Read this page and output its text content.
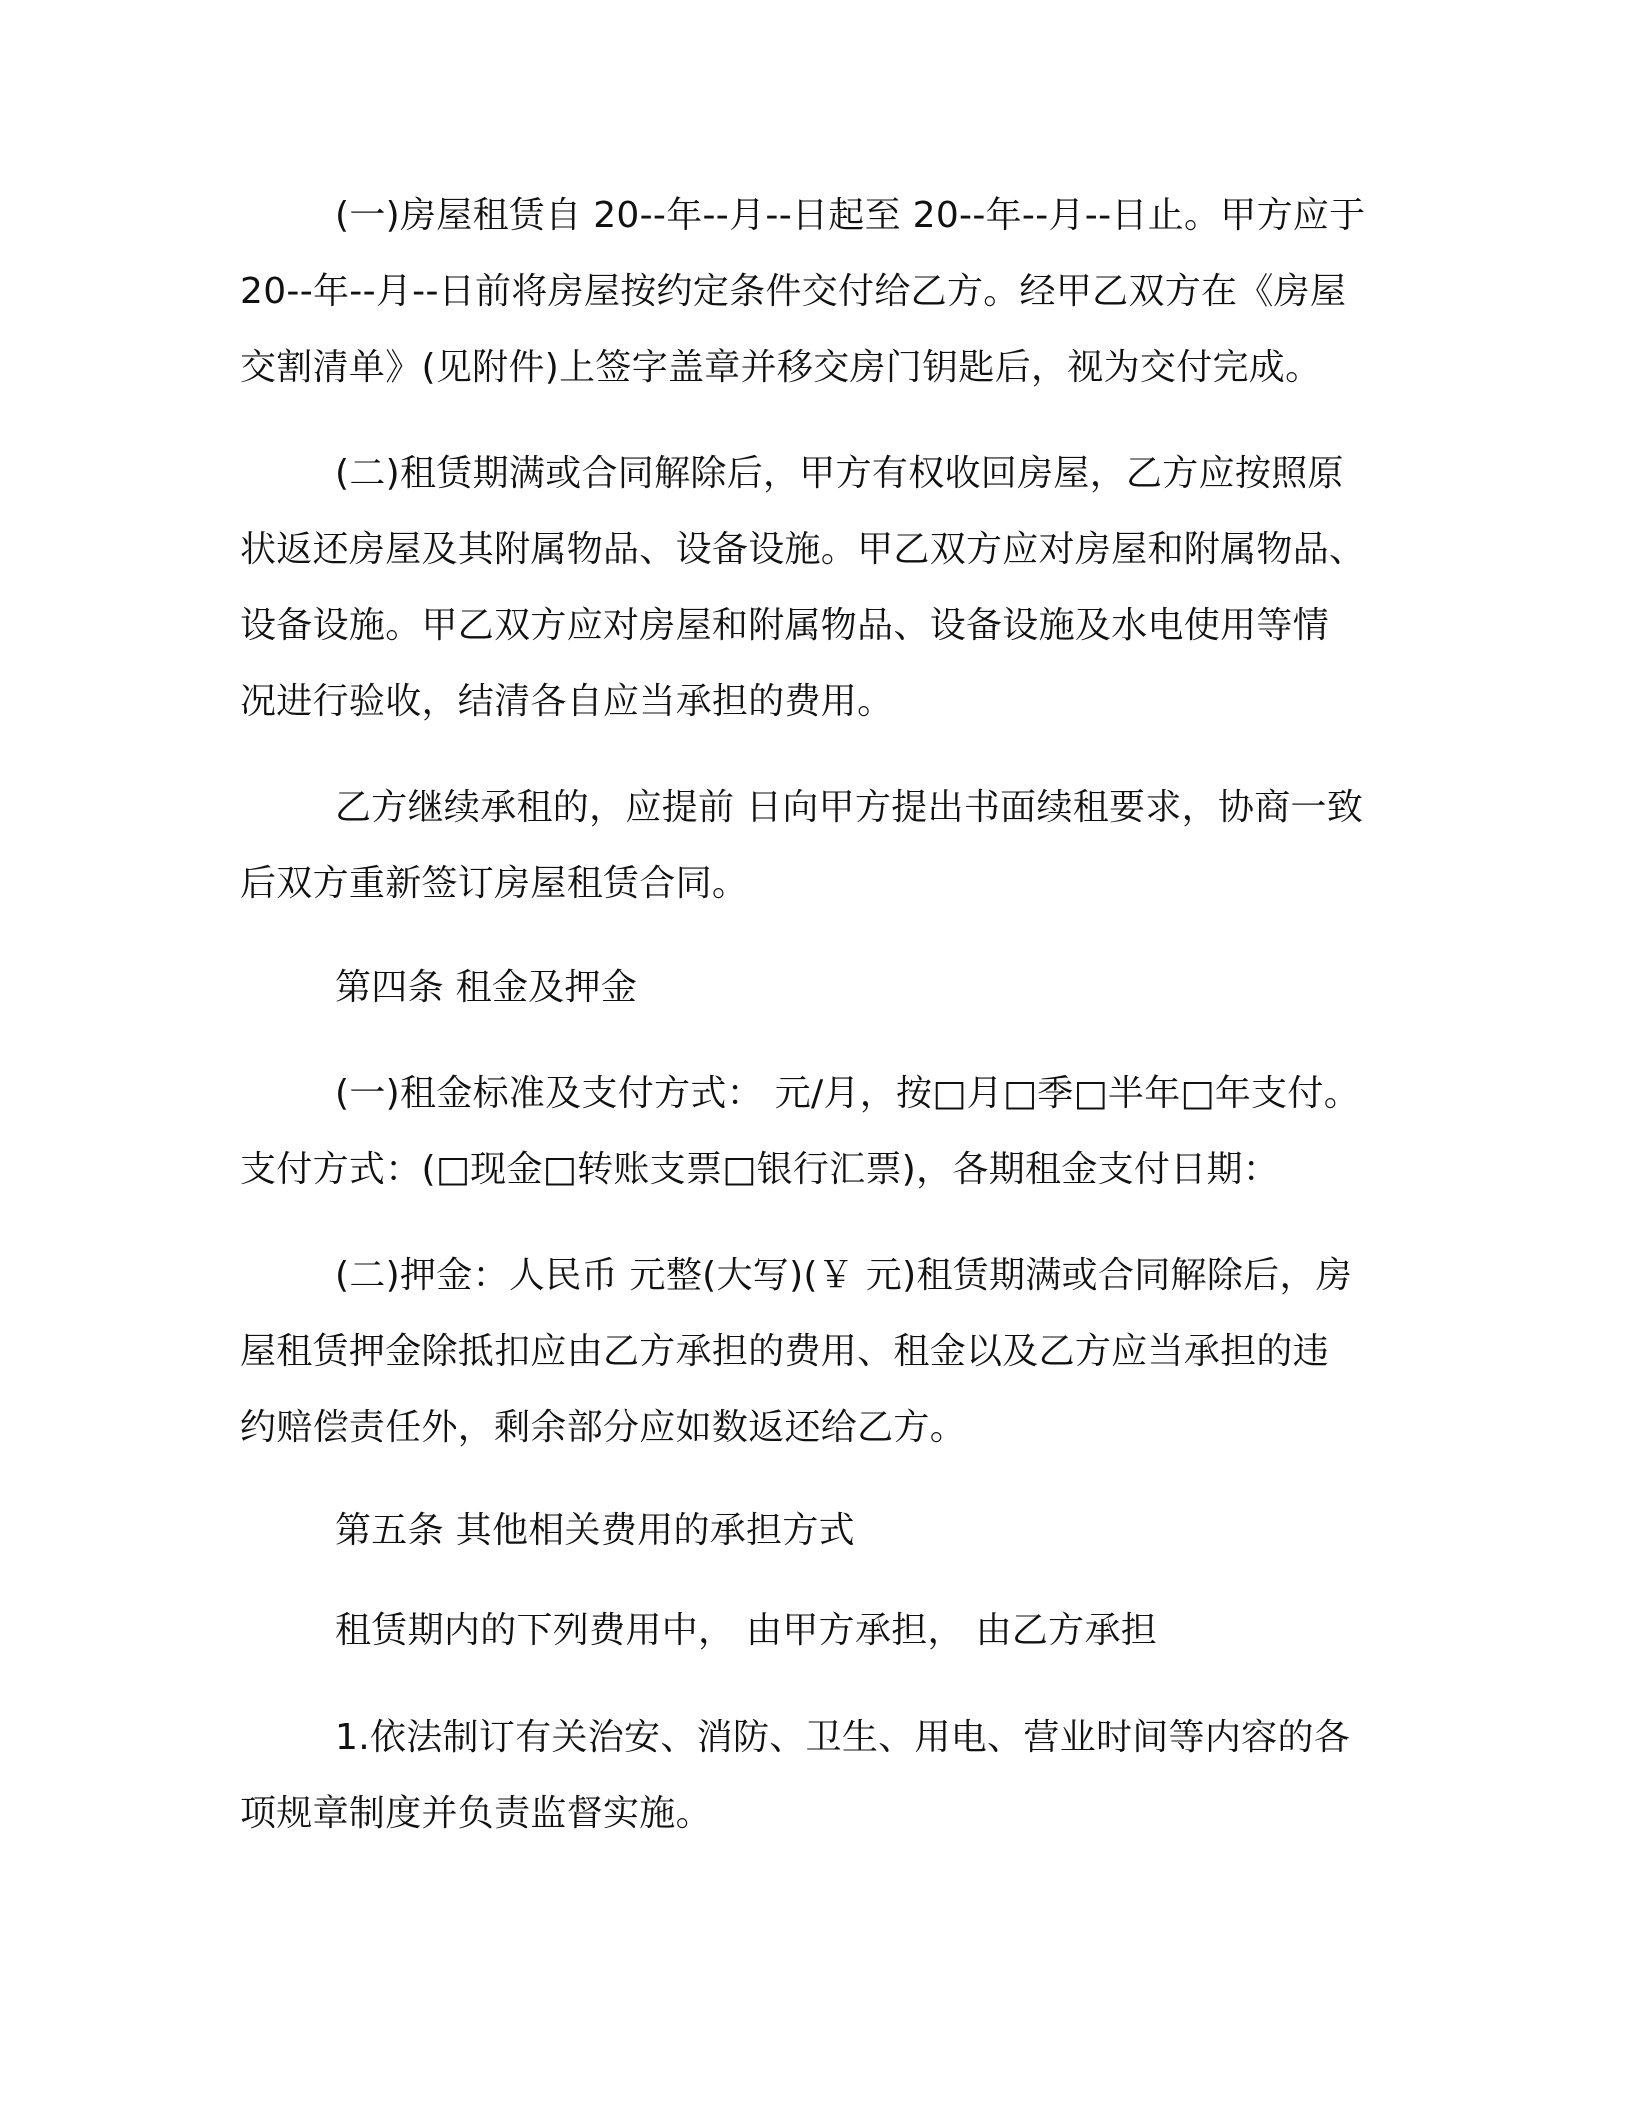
(一)房屋租赁自 20--年--月--日起至 20--年--月--日止。甲方应于

20--年--月--日前将房屋按约定条件交付给乙方。经甲乙双方在《房屋

交割清单》(见附件)上签字盖章并移交房门钥匙后，视为交付完成。

(二)租赁期满或合同解除后，甲方有权收回房屋，乙方应按照原

状返还房屋及其附属物品、设备设施。甲乙双方应对房屋和附属物品、

设备设施。甲乙双方应对房屋和附属物品、设备设施及水电使用等情

况进行验收，结清各自应当承担的费用。

乙方继续承租的，应提前 日向甲方提出书面续租要求，协商一致

后双方重新签订房屋租赁合同。

第四条 租金及押金

(一)租金标准及支付方式： 元/月，按□月□季□半年□年支付。

支付方式：(□现金□转账支票□银行汇票)，各期租金支付日期：

(二)押金：人民币 元整(大写)(￥ 元)租赁期满或合同解除后，房

屋租赁押金除抵扣应由乙方承担的费用、租金以及乙方应当承担的违

约赔偿责任外，剩余部分应如数返还给乙方。

第五条 其他相关费用的承担方式

租赁期内的下列费用中， 由甲方承担， 由乙方承担

1.依法制订有关治安、消防、卫生、用电、营业时间等内容的各

项规章制度并负责监督实施。
